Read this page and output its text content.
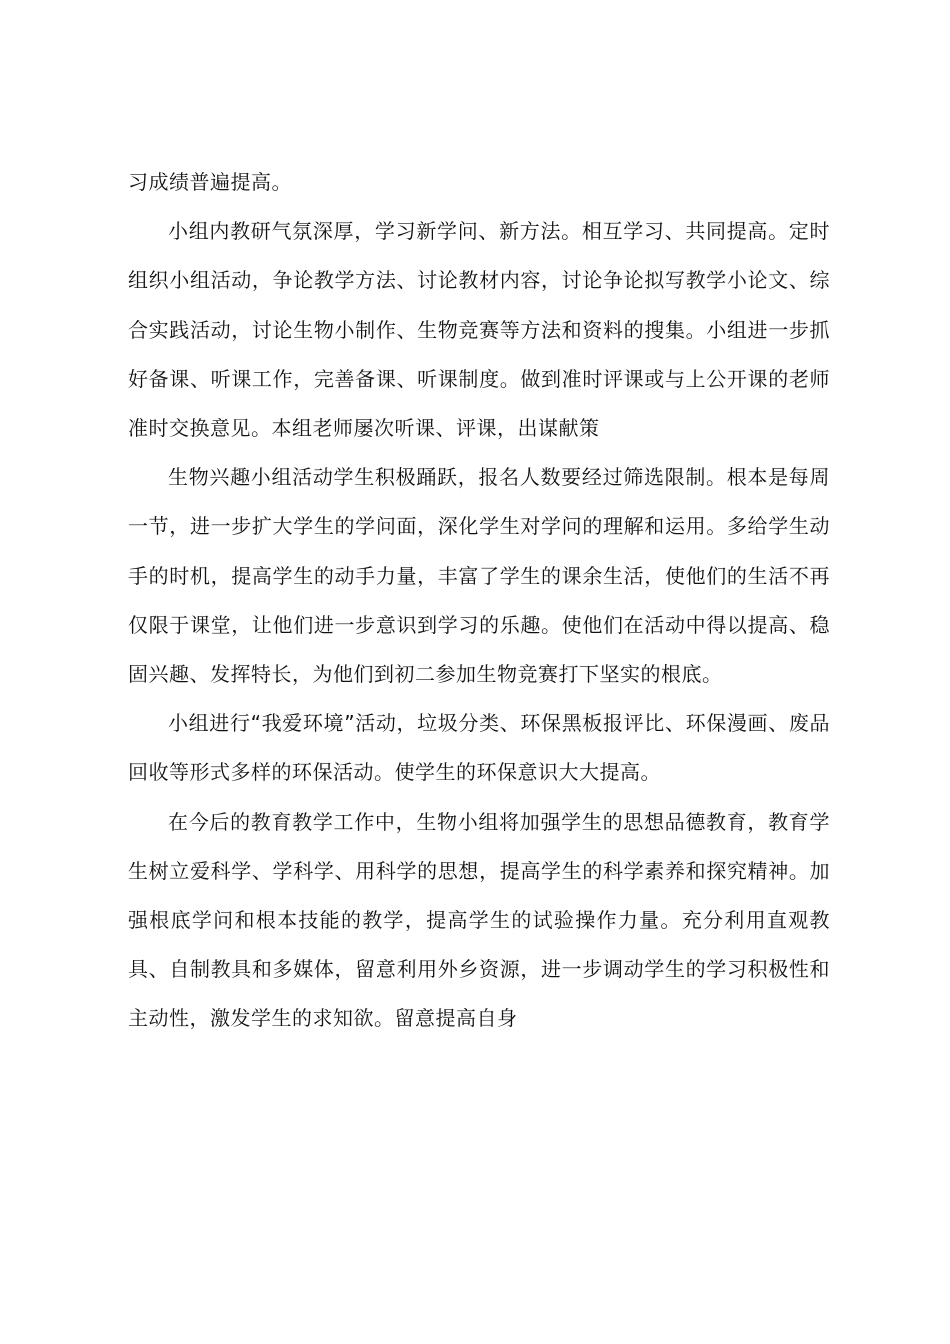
习成绩普遍提高。

小组内教研气氛深厚，学习新学问、新方法。相互学习、共同提高。定时组织小组活动，争论教学方法、讨论教材内容，讨论争论拟写教学小论文、综合实践活动，讨论生物小制作、生物竞赛等方法和资料的搜集。小组进一步抓好备课、听课工作，完善备课、听课制度。做到准时评课或与上公开课的老师准时交换意见。本组老师屡次听课、评课，出谋献策

生物兴趣小组活动学生积极踊跃，报名人数要经过筛选限制。根本是每周一节，进一步扩大学生的学问面，深化学生对学问的理解和运用。多给学生动手的时机，提高学生的动手力量，丰富了学生的课余生活，使他们的生活不再仅限于课堂，让他们进一步意识到学习的乐趣。使他们在活动中得以提高、稳固兴趣、发挥特长，为他们到初二参加生物竞赛打下坚实的根底。

小组进行“我爱环境”活动，垃圾分类、环保黑板报评比、环保漫画、废品回收等形式多样的环保活动。使学生的环保意识大大提高。

在今后的教育教学工作中，生物小组将加强学生的思想品德教育，教育学生树立爱科学、学科学、用科学的思想，提高学生的科学素养和探究精神。加强根底学问和根本技能的教学，提高学生的试验操作力量。充分利用直观教具、自制教具和多媒体，留意利用外乡资源，进一步调动学生的学习积极性和主动性，激发学生的求知欲。留意提高自身
